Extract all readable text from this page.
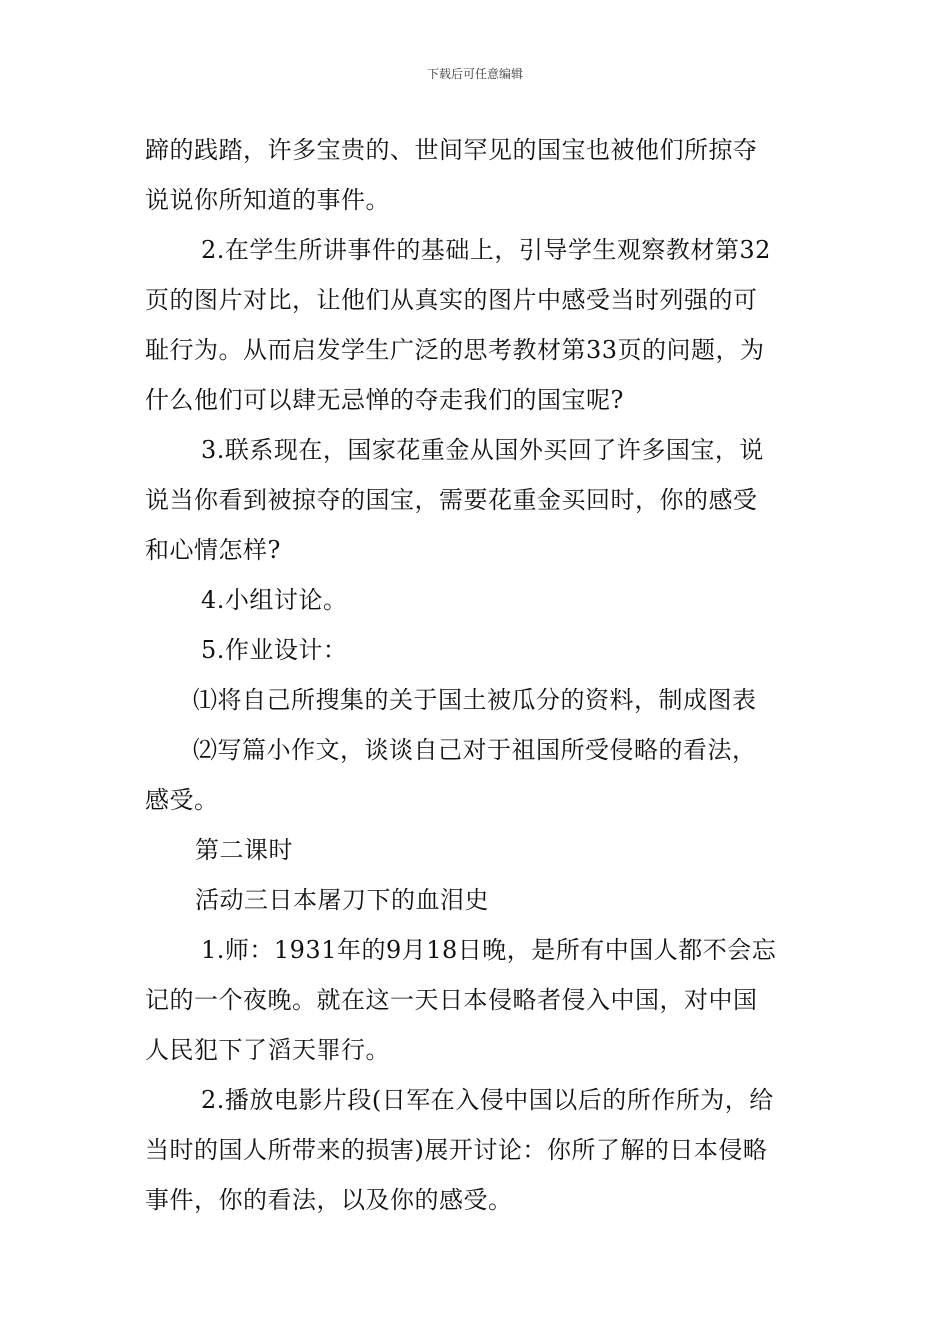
下载后可任意编辑

蹄的践踏，许多宝贵的、世间罕见的国宝也被他们所掠夺
说说你所知道的事件。

2.在学生所讲事件的基础上，引导学生观察教材第32
页的图片对比，让他们从真实的图片中感受当时列强的可
耻行为。从而启发学生广泛的思考教材第33页的问题，为
什么他们可以肆无忌惮的夺走我们的国宝呢?

3.联系现在，国家花重金从国外买回了许多国宝，说
说当你看到被掠夺的国宝，需要花重金买回时，你的感受
和心情怎样?

4.小组讨论。

5.作业设计：

⑴将自己所搜集的关于国土被瓜分的资料，制成图表

⑵写篇小作文，谈谈自己对于祖国所受侵略的看法，
感受。

第二课时

活动三日本屠刀下的血泪史

1.师：1931年的9月18日晚，是所有中国人都不会忘
记的一个夜晚。就在这一天日本侵略者侵入中国，对中国
人民犯下了滔天罪行。

2.播放电影片段(日军在入侵中国以后的所作所为，给
当时的国人所带来的损害)展开讨论：你所了解的日本侵略
事件，你的看法，以及你的感受。
